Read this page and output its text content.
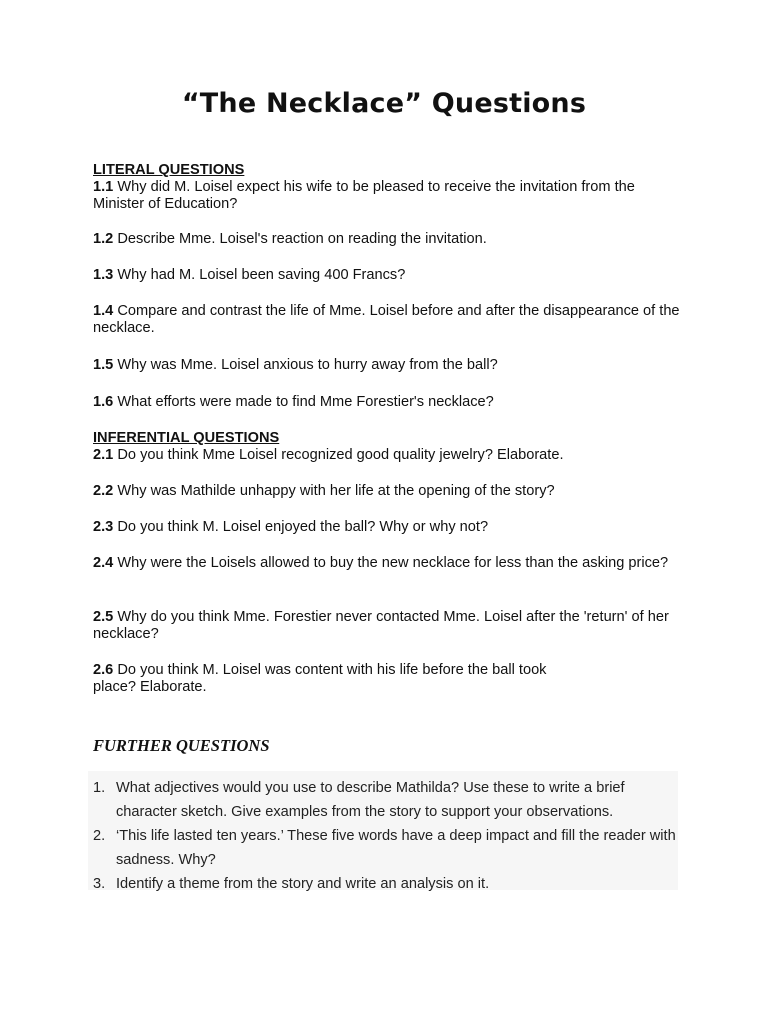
“The Necklace” Questions

LITERAL QUESTIONS

1.1 Why did M. Loisel expect his wife to be pleased to receive the invitation from the Minister of Education?

1.2 Describe Mme. Loisel's reaction on reading the invitation.

1.3 Why had M. Loisel been saving 400 Francs?

1.4 Compare and contrast the life of Mme. Loisel before and after the disappearance of the necklace.

1.5 Why was Mme. Loisel anxious to hurry away from the ball?

1.6 What efforts were made to find Mme Forestier's necklace?

INFERENTIAL QUESTIONS

2.1 Do you think Mme Loisel recognized good quality jewelry? Elaborate.

2.2 Why was Mathilde unhappy with her life at the opening of the story?

2.3 Do you think M. Loisel enjoyed the ball? Why or why not?

2.4 Why were the Loisels allowed to buy the new necklace for less than the asking price?

2.5 Why do you think Mme. Forestier never contacted Mme. Loisel after the 'return' of her necklace?

2.6 Do you think M. Loisel was content with his life before the ball took place? Elaborate.

FURTHER QUESTIONS
1. What adjectives would you use to describe Mathilda? Use these to write a brief character sketch. Give examples from the story to support your observations.
2. ‘This life lasted ten years.’ These five words have a deep impact and fill the reader with sadness. Why?
3. Identify a theme from the story and write an analysis on it.
